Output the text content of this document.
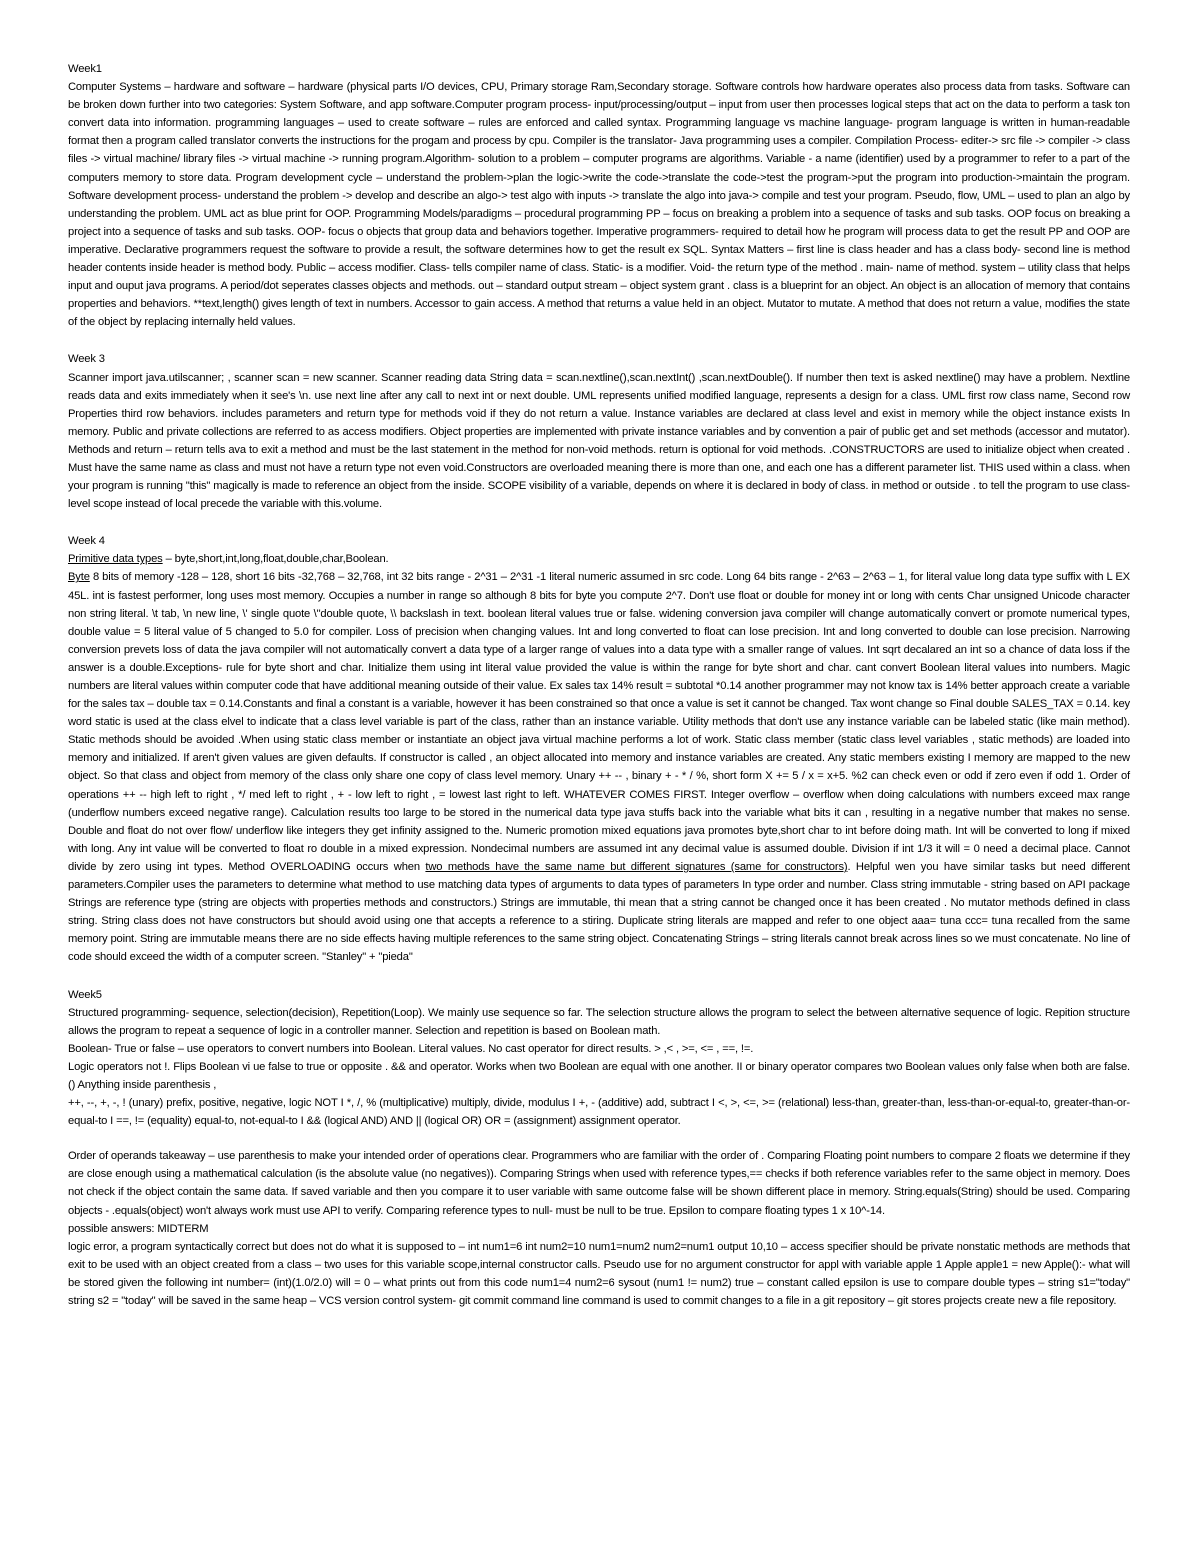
Week1

Computer Systems – hardware and software – hardware (physical parts I/O devices, CPU, Primary storage Ram,Secondary storage. Software controls how hardware operates also process data from tasks. Software can be broken down further into two categories: System Software, and app software.Computer program process- input/processing/output – input from user then processes logical steps that act on the data to perform a task ton convert data into information. programming languages – used to create software – rules are enforced and called syntax. Programming language vs machine language- program language is written in human-readable format then a program called translator converts the instructions for the progam and process by cpu. Compiler is the translator- Java programming uses a compiler. Compilation Process- editer-> src file -> compiler -> class files -> virtual machine/ library files -> virtual machine -> running program.Algorithm- solution to a problem – computer programs are algorithms. Variable - a name (identifier) used by a programmer to refer to a part of the computers memory to store data. Program development cycle – understand the problem->plan the logic->write the code->translate the code->test the program->put the program into production->maintain the program. Software development process- understand the problem -> develop and describe an algo-> test algo with inputs -> translate the algo into java-> compile and test your program. Pseudo, flow, UML – used to plan an algo by understanding the problem. UML act as blue print for OOP. Programming Models/paradigms – procedural programming PP – focus on breaking a problem into a sequence of tasks and sub tasks. OOP focus on breaking a project into a sequence of tasks and sub tasks. OOP- focus o objects that group data and behaviors together. Imperative programmers- required to detail how he program will process data to get the result PP and OOP are imperative. Declarative programmers request the software to provide a result, the software determines how to get the result ex SQL. Syntax Matters – first line is class header and has a class body- second line is method header contents inside header is method body. Public – access modifier. Class- tells compiler name of class. Static- is a modifier. Void- the return type of the method . main- name of method. system – utility class that helps input and ouput java programs. A period/dot seperates classes objects and methods. out – standard output stream – object system grant . class is a blueprint for an object. An object is an allocation of memory that contains properties and behaviors. **text,length() gives length of text in numbers. Accessor to gain access. A method that returns a value held in an object. Mutator to mutate. A method that does not return a value, modifies the state of the object by replacing internally held values.

Week 3

Scanner import java.utilscanner; , scanner scan = new scanner. Scanner reading data String data = scan.nextline(),scan.nextInt() ,scan.nextDouble(). If number then text is asked nextline() may have a problem. Nextline reads data and exits immediately when it see's \n. use next line after any call to next int or next double. UML represents unified modified language, represents a design for a class. UML first row class name, Second row Properties third row behaviors. includes parameters and return type for methods void if they do not return a value. Instance variables are declared at class level and exist in memory while the object instance exists In memory. Public and private collections are referred to as access modifiers. Object properties are implemented with private instance variables and by convention a pair of public get and set methods (accessor and mutator). Methods and return – return tells ava to exit a method and must be the last statement in the method for non-void methods. return is optional for void methods. .CONSTRUCTORS are used to initialize object when created . Must have the same name as class and must not have a return type not even void.Constructors are overloaded meaning there is more than one, and each one has a different parameter list. THIS used within a class. when your program is running "this" magically is made to reference an object from the inside. SCOPE visibility of a variable, depends on where it is declared in body of class. in method or outside . to tell the program to use class-level scope instead of local precede the variable with this.volume.

Week 4

Primitive data types – byte,short,int,long,float,double,char,Boolean.

Byte 8 bits of memory -128 – 128, short 16 bits -32,768 – 32,768, int 32 bits range - 2^31 – 2^31 -1 literal numeric assumed in src code. Long 64 bits range - 2^63 – 2^63 – 1, for literal value long data type suffix with L EX 45L. int is fastest performer, long uses most memory. Occupies a number in range so although 8 bits for byte you compute 2^7. Don't use float or double for money int or long with cents Char unsigned Unicode character non string literal. \t tab, \n new line, \' single quote \"double quote, \\ backslash in text. boolean literal values true or false. widening conversion java compiler will change automatically convert or promote numerical types, double value = 5 literal value of 5 changed to 5.0 for compiler. Loss of precision when changing values. Int and long converted to float can lose precision. Int and long converted to double can lose precision. Narrowing conversion prevets loss of data the java compiler will not automatically convert a data type of a larger range of values into a data type with a smaller range of values. Int sqrt decalared an int so a chance of data loss if the answer is a double.Exceptions- rule for byte short and char. Initialize them using int literal value provided the value is within the range for byte short and char. cant convert Boolean literal values into numbers. Magic numbers are literal values within computer code that have additional meaning outside of their value. Ex sales tax 14% result = subtotal *0.14 another programmer may not know tax is 14% better approach create a variable for the sales tax – double tax = 0.14.Constants and final a constant is a variable, however it has been constrained so that once a value is set it cannot be changed. Tax wont change so Final double SALES_TAX = 0.14. key word static is used at the class elvel to indicate that a class level variable is part of the class, rather than an instance variable. Utility methods that don't use any instance variable can be labeled static (like main method). Static methods should be avoided .When using static class member or instantiate an object java virtual machine performs a lot of work. Static class member (static class level variables , static methods) are loaded into memory and initialized. If aren't given values are given defaults. If constructor is called , an object allocated into memory and instance variables are created. Any static members existing I memory are mapped to the new object. So that class and object from memory of the class only share one copy of class level memory. Unary ++ -- , binary + - * / %, short form X += 5 / x = x+5. %2 can check even or odd if zero even if odd 1. Order of operations ++ -- high left to right , */ med left to right , + - low left to right , = lowest last right to left. WHATEVER COMES FIRST. Integer overflow – overflow when doing calculations with numbers exceed max range (underflow numbers exceed negative range). Calculation results too large to be stored in the numerical data type java stuffs back into the variable what bits it can , resulting in a negative number that makes no sense. Double and float do not over flow/ underflow like integers they get infinity assigned to the. Numeric promotion mixed equations java promotes byte,short char to int before doing math. Int will be converted to long if mixed with long. Any int value will be converted to float ro double in a mixed expression. Nondecimal numbers are assumed int any decimal value is assumed double. Division if int 1/3 it will = 0 need a decimal place. Cannot divide by zero using int types. Method OVERLOADING occurs when two methods have the same name but different signatures (same for constructors). Helpful wen you have similar tasks but need different parameters.Compiler uses the parameters to determine what method to use matching data types of arguments to data types of parameters In type order and number. Class string immutable - string based on API package Strings are reference type (string are objects with properties methods and constructors.) Strings are immutable, thi mean that a string cannot be changed once it has been created . No mutator methods defined in class string. String class does not have constructors but should avoid using one that accepts a reference to a stiring. Duplicate string literals are mapped and refer to one object aaa= tuna ccc= tuna recalled from the same memory point. String are immutable means there are no side effects having multiple references to the same string object. Concatenating Strings – string literals cannot break across lines so we must concatenate. No line of code should exceed the width of a computer screen. "Stanley" + "pieda"

Week5

Structured programming- sequence, selection(decision), Repetition(Loop). We mainly use sequence so far. The selection structure allows the program to select the between alternative sequence of logic. Repition structure allows the program to repeat a sequence of logic in a controller manner. Selection and repetition is based on Boolean math.

Boolean- True or false – use operators to convert numbers into Boolean. Literal values. No cast operator for direct results. > ,< , >=, <= , ==, !=.

Logic operators not !. Flips Boolean vi ue false to true or opposite . && and operator. Works when two Boolean are equal with one another. II or binary operator compares two Boolean values only false when both are false. () Anything inside parenthesis ,

++, --, +, -, ! (unary) prefix, positive, negative, logic NOT I *, /, % (multiplicative) multiply, divide, modulus I +, - (additive) add, subtract I <, >, <=, >= (relational) less-than, greater-than, less-than-or-equal-to, greater-than-or-equal-to I ==, != (equality) equal-to, not-equal-to I && (logical AND) AND || (logical OR) OR = (assignment) assignment operator.

Order of operands takeaway – use parenthesis to make your intended order of operations clear. Programmers who are familiar with the order of . Comparing Floating point numbers to compare 2 floats we determine if they are close enough using a mathematical calculation (is the absolute value (no negatives)). Comparing Strings when used with reference types,== checks if both reference variables refer to the same object in memory. Does not check if the object contain the same data. If saved variable and then you compare it to user variable with same outcome false will be shown different place in memory. String.equals(String) should be used. Comparing objects - .equals(object) won't always work must use API to verify. Comparing reference types to null- must be null to be true. Epsilon to compare floating types 1 x 10^-14.

possible answers: MIDTERM

logic error, a program syntactically correct but does not do what it is supposed to – int num1=6 int num2=10 num1=num2 num2=num1 output 10,10 – access specifier should be private nonstatic methods are methods that exit to be used with an object created from a class – two uses for this variable scope,internal constructor calls. Pseudo use for no argument constructor for appl with variable apple 1 Apple apple1 = new Apple():- what will be stored given the following int number= (int)(1.0/2.0) will = 0 – what prints out from this code num1=4 num2=6 sysout (num1 != num2) true – constant called epsilon is use to compare double types – string s1="today" string s2 = "today" will be saved in the same heap – VCS version control system- git commit command line command is used to commit changes to a file in a git repository – git stores projects create new a file repository.
